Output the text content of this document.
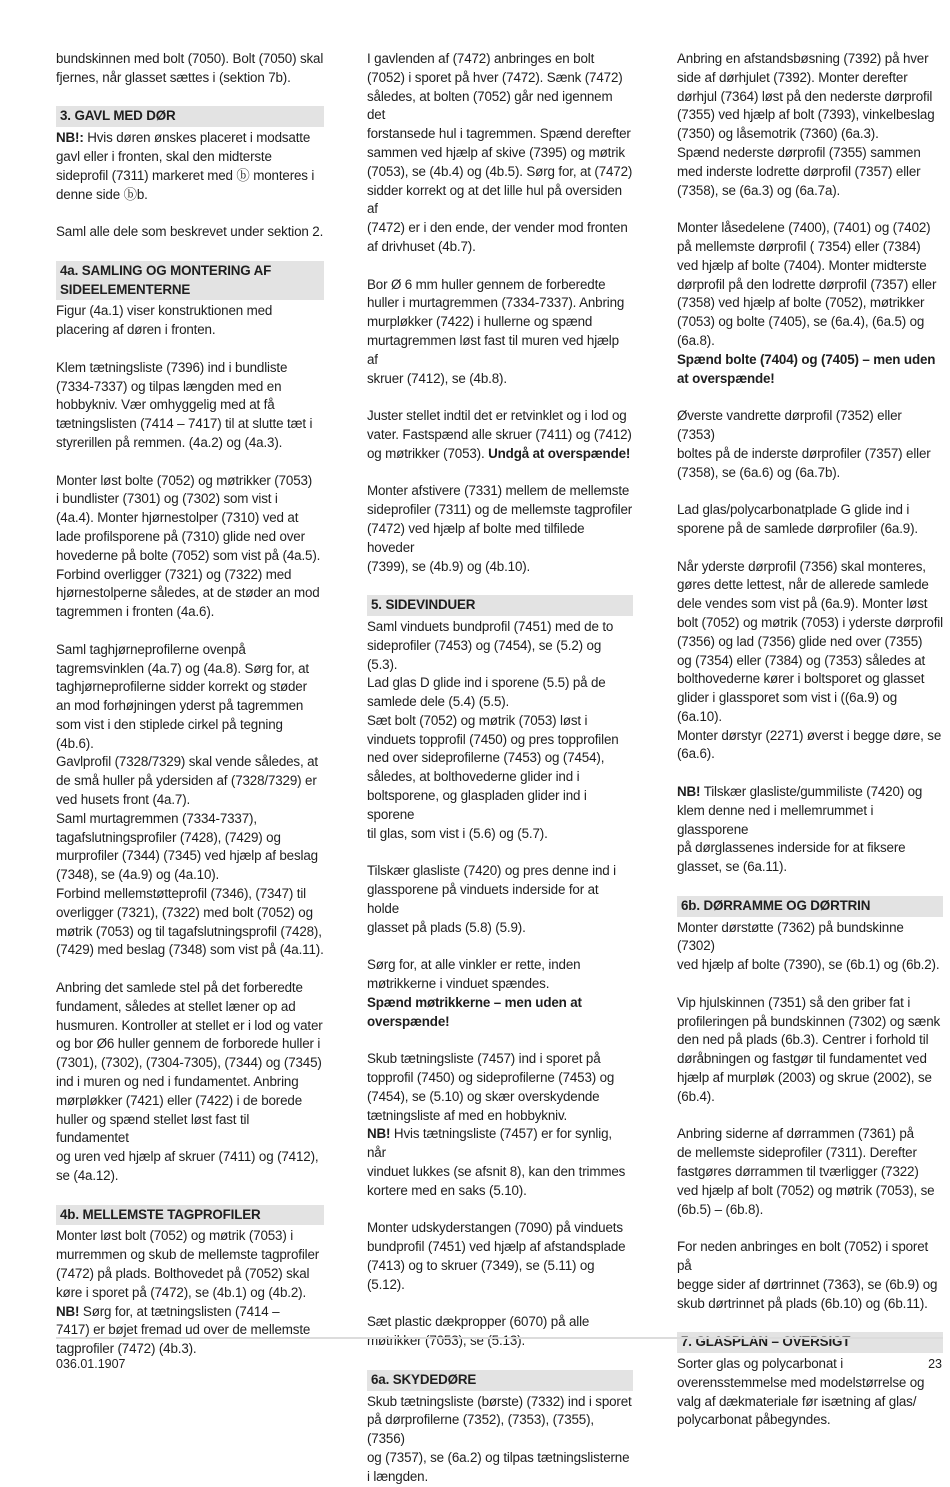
bundskinnen med bolt (7050). Bolt (7050) skal
fjernes, når glasset sættes i (sektion 7b).
3. GAVL MED DØR
NB!: Hvis døren ønskes placeret i modsatte
gavl eller i fronten, skal den midterste
sideprofil (7311) markeret med ⓑ monteres i
denne side ⓑb.
Saml alle dele som beskrevet under sektion 2.
4a. SAMLING OG MONTERING AF
SIDEELEMENTERNE
Figur (4a.1) viser konstruktionen med
placering af døren i fronten.
Klem tætningsliste (7396) ind i bundliste
(7334-7337) og tilpas længden med en
hobbykniv. Vær omhyggelig med at få
tætningslisten (7414 – 7417) til at slutte tæt i
styrerillen på remmen. (4a.2) og (4a.3).
Monter løst bolte (7052) og møtrikker (7053)
i bundlister (7301) og (7302) som vist i
(4a.4). Monter hjørnestolper (7310) ved at
lade profilsporene på (7310) glide ned over
hovederne på bolte (7052) som vist på (4a.5).
Forbind overligger (7321) og (7322) med
hjørnestolperne således, at de støder an mod
tagremmen i fronten (4a.6).
Saml taghjørneprofilerne ovenpå
tagremsvinklen (4a.7) og (4a.8). Sørg for, at
taghjørneprofilerne sidder korrekt og støder
an mod forhøjningen yderst på tagremmen
som vist i den stiplede cirkel på tegning (4b.6).
Gavlprofil (7328/7329) skal vende således, at
de små huller på ydersiden af (7328/7329) er
ved husets front (4a.7).
Saml murtagremmen (7334-7337),
tagafslutningsprofiler (7428), (7429) og
murprofiler (7344) (7345) ved hjælp af beslag
(7348), se (4a.9) og (4a.10).
Forbind mellemstøtteprofil (7346), (7347) til
overligger (7321), (7322) med bolt (7052) og
møtrik (7053) og til tagafslutningsprofil (7428),
(7429) med beslag (7348) som vist på (4a.11).
Anbring det samlede stel på det forberedte
fundament, således at stellet læner op ad
husmuren. Kontroller at stellet er i lod og vater
og bor Ø6 huller gennem de forborede huller i
(7301), (7302), (7304-7305), (7344) og (7345)
ind i muren og ned i fundamentet. Anbring
mørpløkker (7421) eller (7422) i de borede
huller og spænd stellet løst fast til fundamentet
og uren ved hjælp af skruer (7411) og (7412),
se (4a.12).
4b. MELLEMSTE TAGPROFILER
Monter løst bolt (7052) og møtrik (7053) i
murremmen og skub de mellemste tagprofiler
(7472) på plads. Bolthovedet på (7052) skal
køre i sporet på (7472), se (4b.1) og (4b.2).
NB! Sørg for, at tætningslisten (7414 –
7417) er bøjet fremad ud over de mellemste
tagprofiler (7472) (4b.3).
I gavlenden af (7472) anbringes en bolt
(7052) i sporet på hver (7472). Sænk (7472)
således, at bolten (7052) går ned igennem det
forstansede hul i tagremmen. Spænd derefter
sammen ved hjælp af skive (7395) og møtrik
(7053), se (4b.4) og (4b.5). Sørg for, at (7472)
sidder korrekt og at det lille hul på oversiden af
(7472) er i den ende, der vender mod fronten
af drivhuset (4b.7).
Bor Ø 6 mm huller gennem de forberedte
huller i murtagremmen (7334-7337). Anbring
murpløkker (7422) i hullerne og spænd
murtagremmen løst fast til muren ved hjælp af
skruer (7412), se (4b.8).
Juster stellet indtil det er retvinklet og i lod og
vater. Fastspænd alle skruer (7411) og (7412)
og møtrikker (7053). Undgå at overspænde!
Monter afstivere (7331) mellem de mellemste
sideprofiler (7311) og de mellemste tagprofiler
(7472) ved hjælp af bolte med tilfilede hoveder
(7399), se (4b.9) og (4b.10).
5. SIDEVINDUER
Saml vinduets bundprofil (7451) med de to
sideprofiler (7453) og (7454), se (5.2) og (5.3).
Lad glas D glide ind i sporene (5.5) på de
samlede dele (5.4) (5.5).
Sæt bolt (7052) og møtrik (7053) løst i
vinduets topprofil (7450) og pres topprofilen
ned over sideprofilerne (7453) og (7454),
således, at bolthovederne glider ind i
boltsporene, og glaspladen glider ind i sporene
til glas, som vist i (5.6) og (5.7).
Tilskær glasliste (7420) og pres denne ind i
glassporene på vinduets inderside for at holde
glasset på plads (5.8) (5.9).
Sørg for, at alle vinkler er rette, inden
møtrikkerne i vinduet spændes.
Spænd møtrikkerne – men uden at
overspænde!
Skub tætningsliste (7457) ind i sporet på
topprofil (7450) og sideprofilerne (7453) og
(7454), se (5.10) og skær overskydende
tætningsliste af med en hobbykniv.
NB! Hvis tætningsliste (7457) er for synlig, når
vinduet lukkes (se afsnit 8), kan den trimmes
kortere med en saks (5.10).
Monter udskyderstangen (7090) på vinduets
bundprofil (7451) ved hjælp af afstandsplade
(7413) og to skruer (7349), se (5.11) og (5.12).
Sæt plastic dækpropper (6070) på alle
møtrikker (7053), se (5.13).
6a. SKYDEDØRE
Skub tætningsliste (børste) (7332) ind i sporet
på dørprofilerne (7352), (7353), (7355), (7356)
og (7357), se (6a.2) og tilpas tætningslisterne
i længden.
Anbring en afstandsbøsning (7392) på hver
side af dørhjulet (7392). Monter derefter
dørhjul (7364) løst på den nederste dørprofil
(7355) ved hjælp af bolt (7393), vinkelbeslag
(7350) og låsemotrik (7360) (6a.3).
Spænd nederste dørprofil (7355) sammen
med inderste lodrette dørprofil (7357) eller
(7358), se (6a.3) og (6a.7a).
Monter låsedelene (7400), (7401) og (7402)
på mellemste dørprofil ( 7354) eller (7384)
ved hjælp af bolte (7404). Monter midterste
dørprofil på den lodrette dørprofil (7357) eller
(7358) ved hjælp af bolte (7052), møtrikker
(7053) og bolte (7405), se (6a.4), (6a.5) og
(6a.8).
Spænd bolte (7404) og (7405) – men uden
at overspænde!
Øverste vandrette dørprofil (7352) eller (7353)
boltes på de inderste dørprofiler (7357) eller
(7358), se (6a.6) og (6a.7b).
Lad glas/polycarbonatplade G glide ind i
sporene på de samlede dørprofiler (6a.9).
Når yderste dørprofil (7356) skal monteres,
gøres dette lettest, når de allerede samlede
dele vendes som vist på (6a.9). Monter løst
bolt (7052) og møtrik (7053) i yderste dørprofil
(7356) og lad (7356) glide ned over (7355)
og (7354) eller (7384) og (7353) således at
bolthovederne kører i boltsporet og glasset
glider i glassporet som vist i ((6a.9) og (6a.10).
Monter dørstyr (2271) øverst i begge døre, se
(6a.6).
NB! Tilskær glasliste/gummiliste (7420) og
klem denne ned i mellemrummet i glassporene
på dørglassenes inderside for at fiksere
glasset, se (6a.11).
6b. DØRRAMME OG DØRTRIN
Monter dørstøtte (7362) på bundskinne (7302)
ved hjælp af bolte (7390), se (6b.1) og (6b.2).
Vip hjulskinnen (7351) så den griber fat i
profileringen på bundskinnen (7302) og sænk
den ned på plads (6b.3). Centrer i forhold til
døråbningen og fastgør til fundamentet ved
hjælp af murpløk (2003) og skrue (2002), se
(6b.4).
Anbring siderne af dørrammen (7361) på
de mellemste sideprofiler (7311). Derefter
fastgøres dørrammen til tværligger (7322)
ved hjælp af bolt (7052) og møtrik (7053), se
(6b.5) – (6b.8).
For neden anbringes en bolt (7052) i sporet på
begge sider af dørtrinnet (7363), se (6b.9) og
skub dørtrinnet på plads (6b.10) og (6b.11).
7. GLASPLAN – OVERSIGT
Sorter glas og polycarbonat i
overensstemmelse med modelstørrelse og
valg af dækmateriale før isætning af glas/
polycarbonat påbegyndes.
036.01.1907	23
